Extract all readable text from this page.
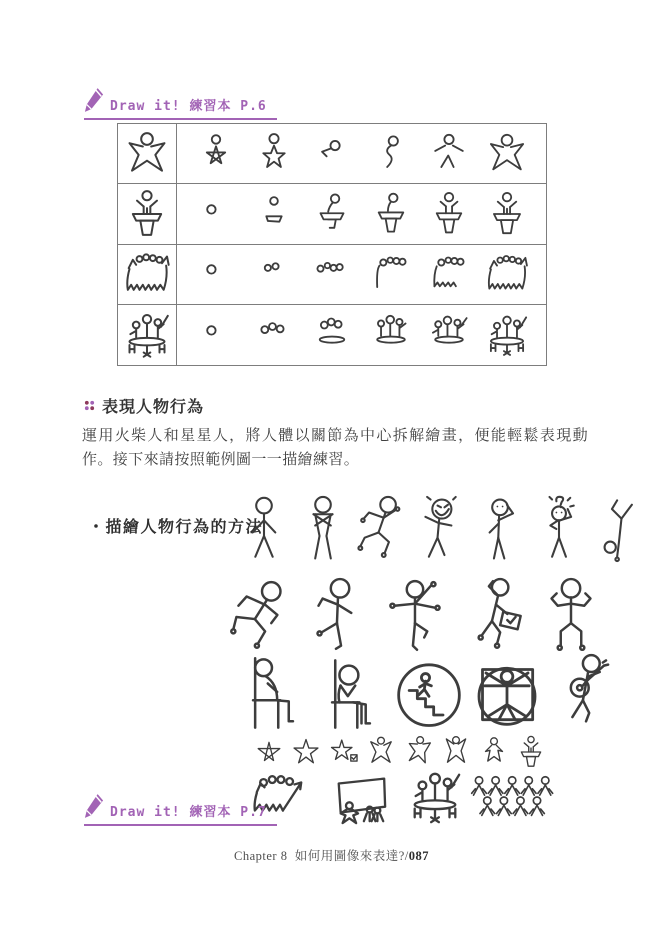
Draw it! 練習本 P.6
表現人物行為
運用火柴人和星星人，將人體以關節為中心拆解繪畫，便能輕鬆表現動作。接下來請按照範例圖一一描繪練習。
・描繪人物行為的方法
Draw it! 練習本 P.7
Chapter 8 如何用圖像來表達?/087
